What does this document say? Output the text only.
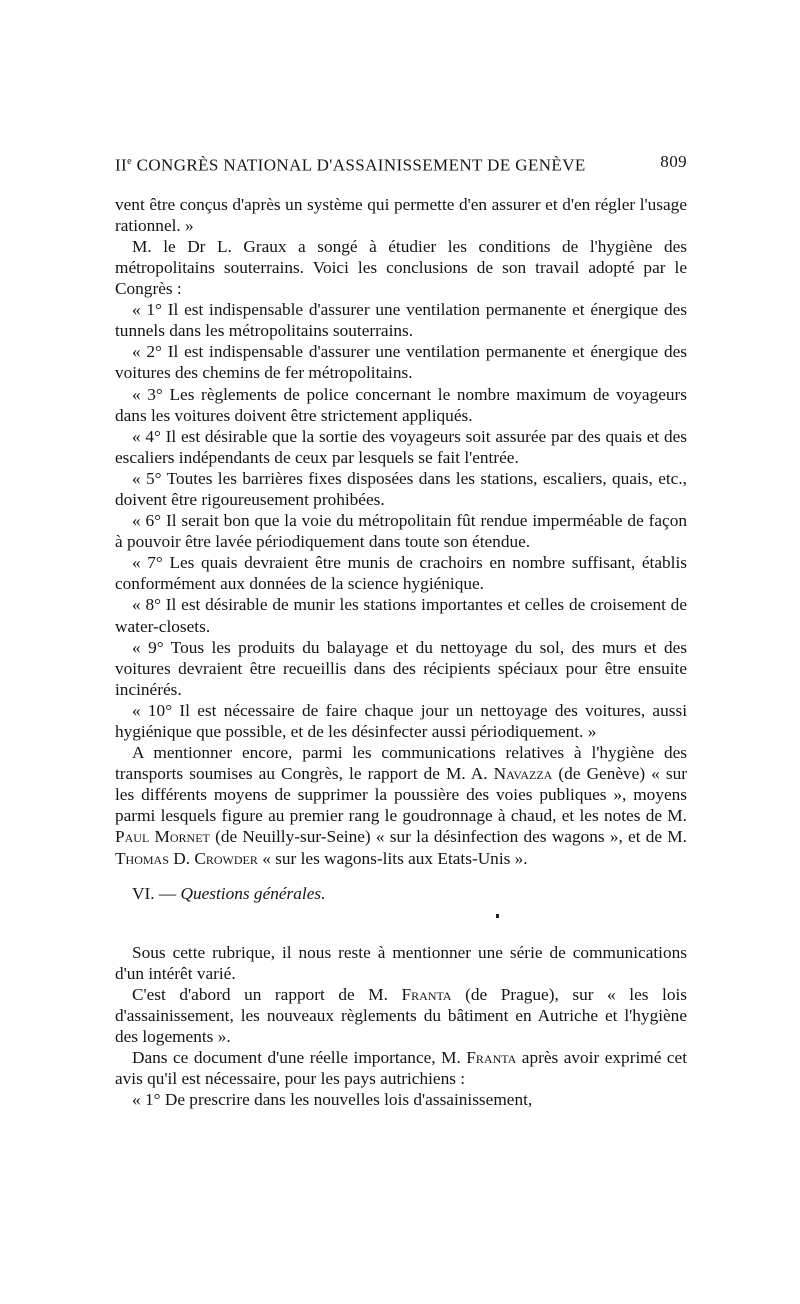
IIe CONGRÈS NATIONAL D'ASSAINISSEMENT DE GENÈVE	809

vent être conçus d'après un système qui permette d'en assurer et d'en régler l'usage rationnel. »

M. le Dr L. Graux a songé à étudier les conditions de l'hygiène des métropolitains souterrains. Voici les conclusions de son travail adopté par le Congrès :

« 1° Il est indispensable d'assurer une ventilation permanente et énergique des tunnels dans les métropolitains souterrains.

« 2° Il est indispensable d'assurer une ventilation permanente et énergique des voitures des chemins de fer métropolitains.

« 3° Les règlements de police concernant le nombre maximum de voyageurs dans les voitures doivent être strictement appliqués.

« 4° Il est désirable que la sortie des voyageurs soit assurée par des quais et des escaliers indépendants de ceux par lesquels se fait l'entrée.

« 5° Toutes les barrières fixes disposées dans les stations, escaliers, quais, etc., doivent être rigoureusement prohibées.

« 6° Il serait bon que la voie du métropolitain fût rendue imperméable de façon à pouvoir être lavée périodiquement dans toute son étendue.

« 7° Les quais devraient être munis de crachoirs en nombre suffisant, établis conformément aux données de la science hygiénique.

« 8° Il est désirable de munir les stations importantes et celles de croisement de water-closets.

« 9° Tous les produits du balayage et du nettoyage du sol, des murs et des voitures devraient être recueillis dans des récipients spéciaux pour être ensuite incinérés.

« 10° Il est nécessaire de faire chaque jour un nettoyage des voitures, aussi hygiénique que possible, et de les désinfecter aussi périodiquement. »

A mentionner encore, parmi les communications relatives à l'hygiène des transports soumises au Congrès, le rapport de M. A. Navazza (de Genève) « sur les différents moyens de supprimer la poussière des voies publiques », moyens parmi lesquels figure au premier rang le goudronnage à chaud, et les notes de M. Paul Mornet (de Neuilly-sur-Seine) « sur la désinfection des wagons », et de M. Thomas D. Crowder « sur les wagons-lits aux Etats-Unis ».

VI. — Questions générales.

Sous cette rubrique, il nous reste à mentionner une série de communications d'un intérêt varié.

C'est d'abord un rapport de M. Franta (de Prague), sur « les lois d'assainissement, les nouveaux règlements du bâtiment en Autriche et l'hygiène des logements ».

Dans ce document d'une réelle importance, M. Franta après avoir exprimé cet avis qu'il est nécessaire, pour les pays autrichiens :

« 1° De prescrire dans les nouvelles lois d'assainissement,
